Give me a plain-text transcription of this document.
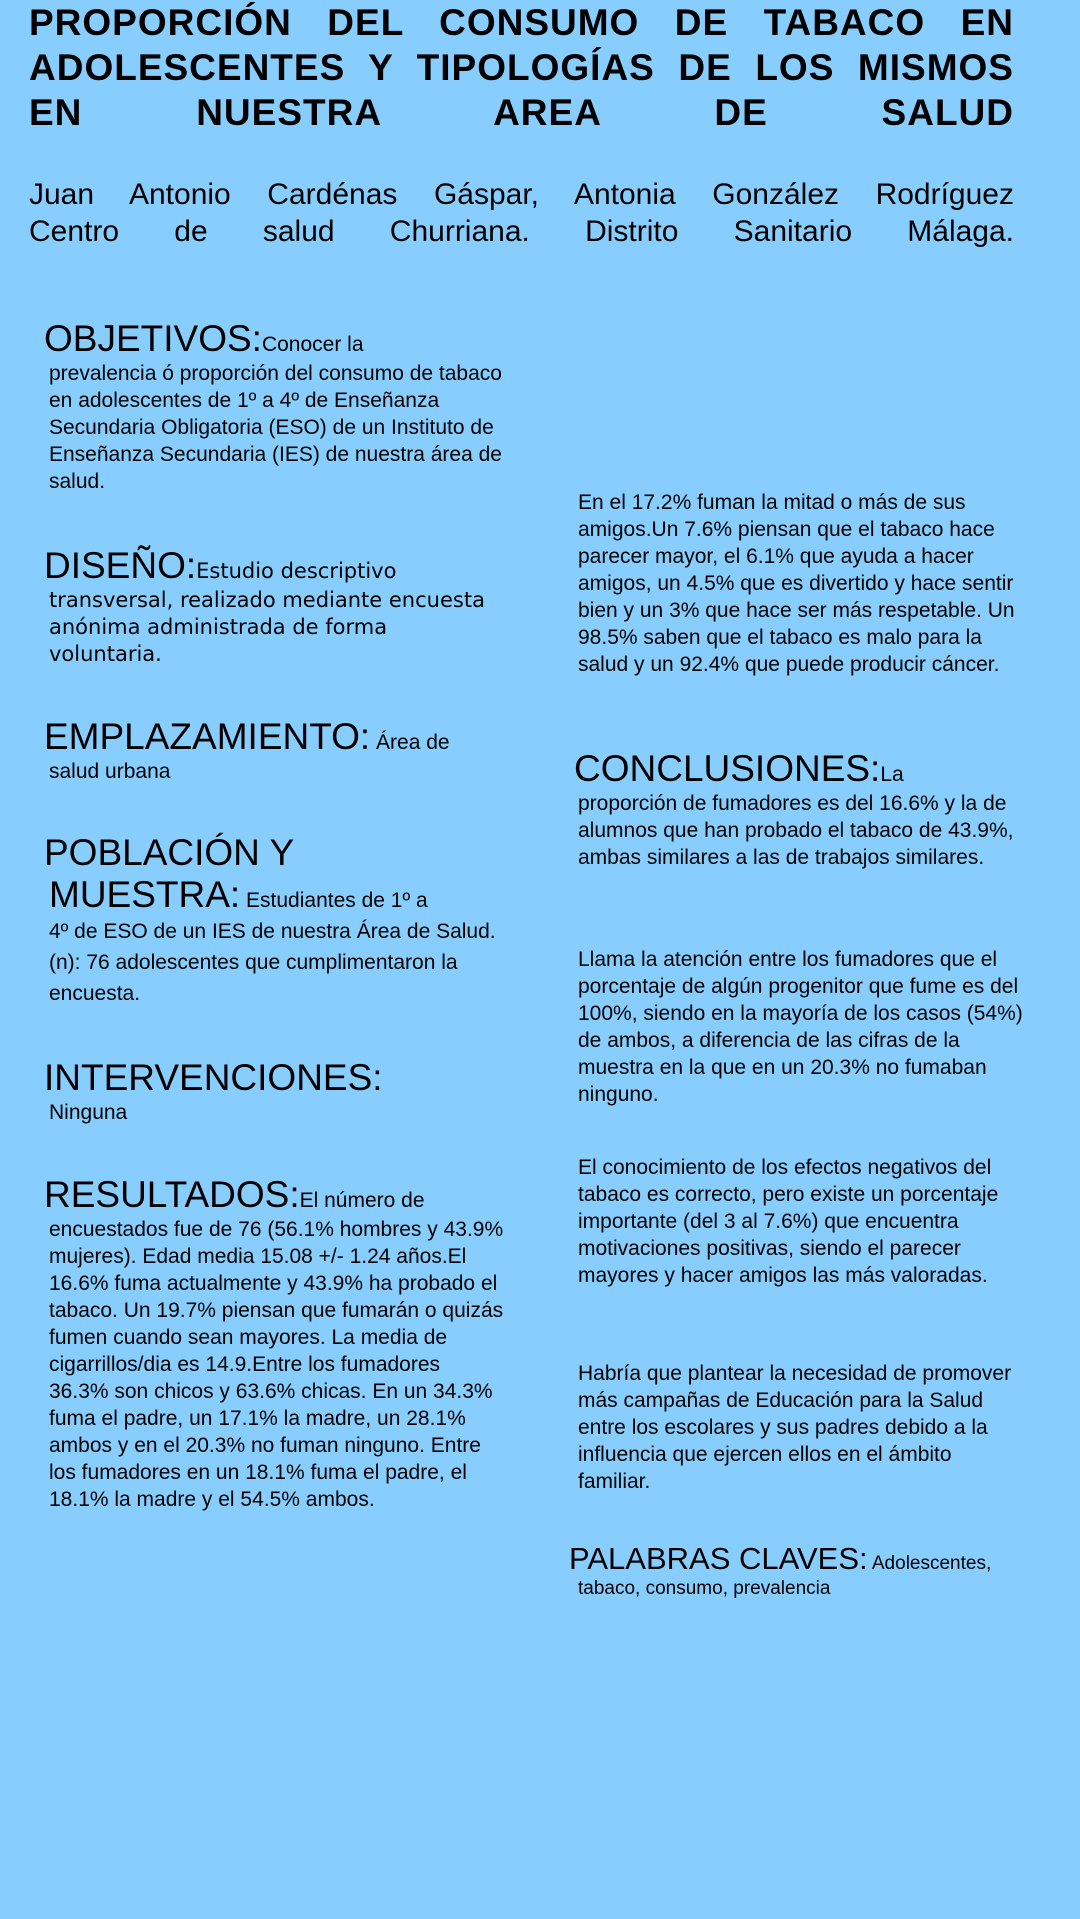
PROPORCIÓN DEL CONSUMO DE TABACO EN
ADOLESCENTES Y TIPOLOGÍAS DE LOS MISMOS
EN NUESTRA AREA DE SALUD
Juan Antonio Cardénas Gáspar, Antonia González Rodríguez
Centro de salud Churriana. Distrito Sanitario Málaga.
OBJETIVOS:Conocer la
prevalencia ó proporción del consumo de tabaco en adolescentes de 1º a 4º de Enseñanza Secundaria Obligatoria (ESO) de un Instituto de Enseñanza Secundaria (IES) de nuestra área de salud.
DISEÑO:Estudio descriptivo
transversal, realizado mediante encuesta anónima administrada de forma voluntaria.
EMPLAZAMIENTO: Área de
salud urbana
POBLACIÓN Y
MUESTRA: Estudiantes de 1º a
4º de ESO de un IES de nuestra Área de Salud. (n): 76 adolescentes que cumplimentaron la encuesta.
INTERVENCIONES:
Ninguna
RESULTADOS:El número de
encuestados fue de 76 (56.1% hombres y 43.9% mujeres). Edad media 15.08 +/- 1.24 años.El 16.6% fuma actualmente y 43.9% ha probado el tabaco. Un 19.7% piensan que fumarán o quizás fumen cuando sean mayores. La media de cigarrillos/dia es 14.9.Entre los fumadores 36.3% son chicos y 63.6% chicas. En un 34.3% fuma el padre, un 17.1% la madre, un 28.1% ambos y en el 20.3% no fuman ninguno. Entre los fumadores en un 18.1% fuma el padre, el 18.1% la madre y el 54.5% ambos.

En el 17.2% fuman la mitad o más de sus amigos.Un 7.6% piensan que el tabaco hace parecer mayor, el 6.1% que ayuda a hacer amigos, un 4.5% que es divertido y hace sentir bien y un 3% que hace ser más respetable. Un 98.5% saben que el tabaco es malo para la salud y un 92.4% que puede producir cáncer.

CONCLUSIONES:La
proporción de fumadores es del 16.6% y la de alumnos que han probado el tabaco de 43.9%, ambas similares a las de trabajos similares.

Llama la atención entre los fumadores que el porcentaje de algún progenitor que fume es del 100%, siendo en la mayoría de los casos (54%) de ambos, a diferencia de las cifras de la muestra en la que en un 20.3% no fumaban ninguno.

El conocimiento de los efectos negativos del tabaco es correcto, pero existe un porcentaje importante (del 3 al 7.6%) que encuentra motivaciones positivas, siendo el parecer mayores y hacer amigos las más valoradas.

Habría que plantear la necesidad de promover más campañas de Educación para la Salud entre los escolares y sus padres debido a la influencia que ejercen ellos en el ámbito familiar.

PALABRAS CLAVES: Adolescentes,
tabaco, consumo, prevalencia
